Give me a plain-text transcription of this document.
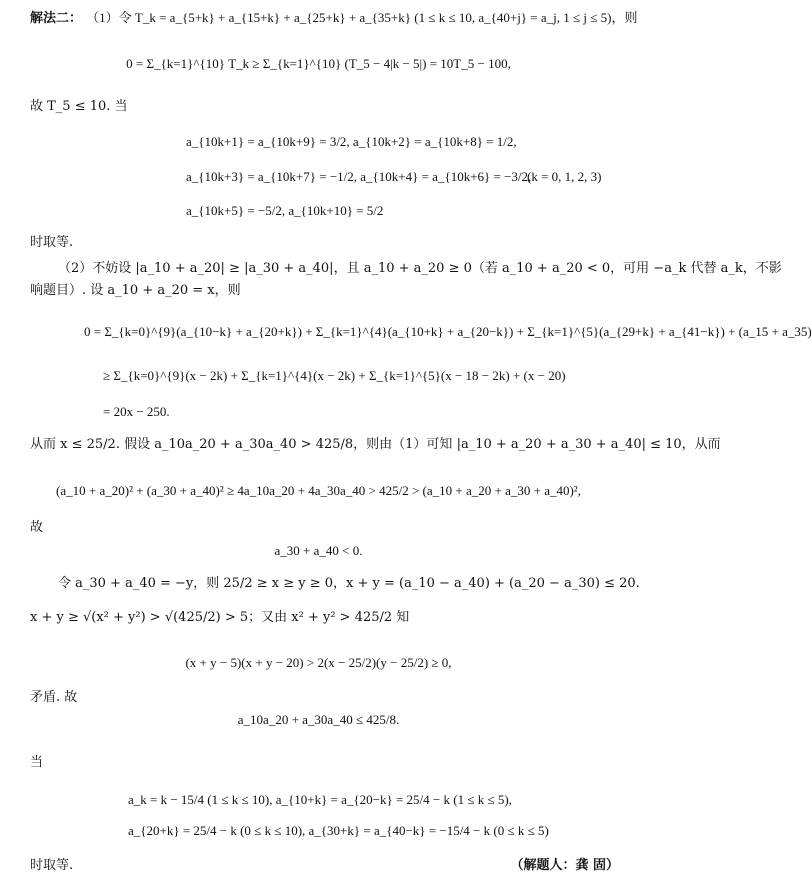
解法二： （1）令 T_k = a_{5+k} + a_{15+k} + a_{25+k} + a_{35+k} (1 ≤ k ≤ 10, a_{40+j} = a_j, 1 ≤ j ≤ 5)，则
0 = Σ_{k=1}^{10} T_k ≥ Σ_{k=1}^{10} (T_5 − 4|k − 5|) = 10T_5 − 100,
故 T_5 ≤ 10. 当
a_{10k+1} = a_{10k+9} = 3/2, a_{10k+2} = a_{10k+8} = 1/2,
a_{10k+3} = a_{10k+7} = −1/2, a_{10k+4} = a_{10k+6} = −3/2,
(k = 0, 1, 2, 3)
a_{10k+5} = −5/2, a_{10k+10} = 5/2
时取等.
（2）不妨设 |a_10 + a_20| ≥ |a_30 + a_40|，且 a_10 + a_20 ≥ 0（若 a_10 + a_20 < 0，可用 −a_k 代替 a_k，不影
响题目）. 设 a_10 + a_20 = x，则
0 = Σ_{k=0}^{9}(a_{10−k} + a_{20+k}) + Σ_{k=1}^{4}(a_{10+k} + a_{20−k}) + Σ_{k=1}^{5}(a_{29+k} + a_{41−k}) + (a_15 + a_35)
≥ Σ_{k=0}^{9}(x − 2k) + Σ_{k=1}^{4}(x − 2k) + Σ_{k=1}^{5}(x − 18 − 2k) + (x − 20)
= 20x − 250.
从而 x ≤ 25/2. 假设 a_10a_20 + a_30a_40 > 425/8，则由（1）可知 |a_10 + a_20 + a_30 + a_40| ≤ 10，从而
(a_10 + a_20)² + (a_30 + a_40)² ≥ 4a_10a_20 + 4a_30a_40 > 425/2 > (a_10 + a_20 + a_30 + a_40)²,
故
a_30 + a_40 < 0.
令 a_30 + a_40 = −y，则 25/2 ≥ x ≥ y ≥ 0，x + y = (a_10 − a_40) + (a_20 − a_30) ≤ 20.
x + y ≥ √(x² + y²) > √(425/2) > 5；又由 x² + y² > 425/2 知
(x + y − 5)(x + y − 20) > 2(x − 25/2)(y − 25/2) ≥ 0,
矛盾. 故
a_10a_20 + a_30a_40 ≤ 425/8.
当
a_k = k − 15/4 (1 ≤ k ≤ 10), a_{10+k} = a_{20−k} = 25/4 − k (1 ≤ k ≤ 5),
a_{20+k} = 25/4 − k (0 ≤ k ≤ 10), a_{30+k} = a_{40−k} = −15/4 − k (0 ≤ k ≤ 5)
时取等.	（解题人：龚 固）
